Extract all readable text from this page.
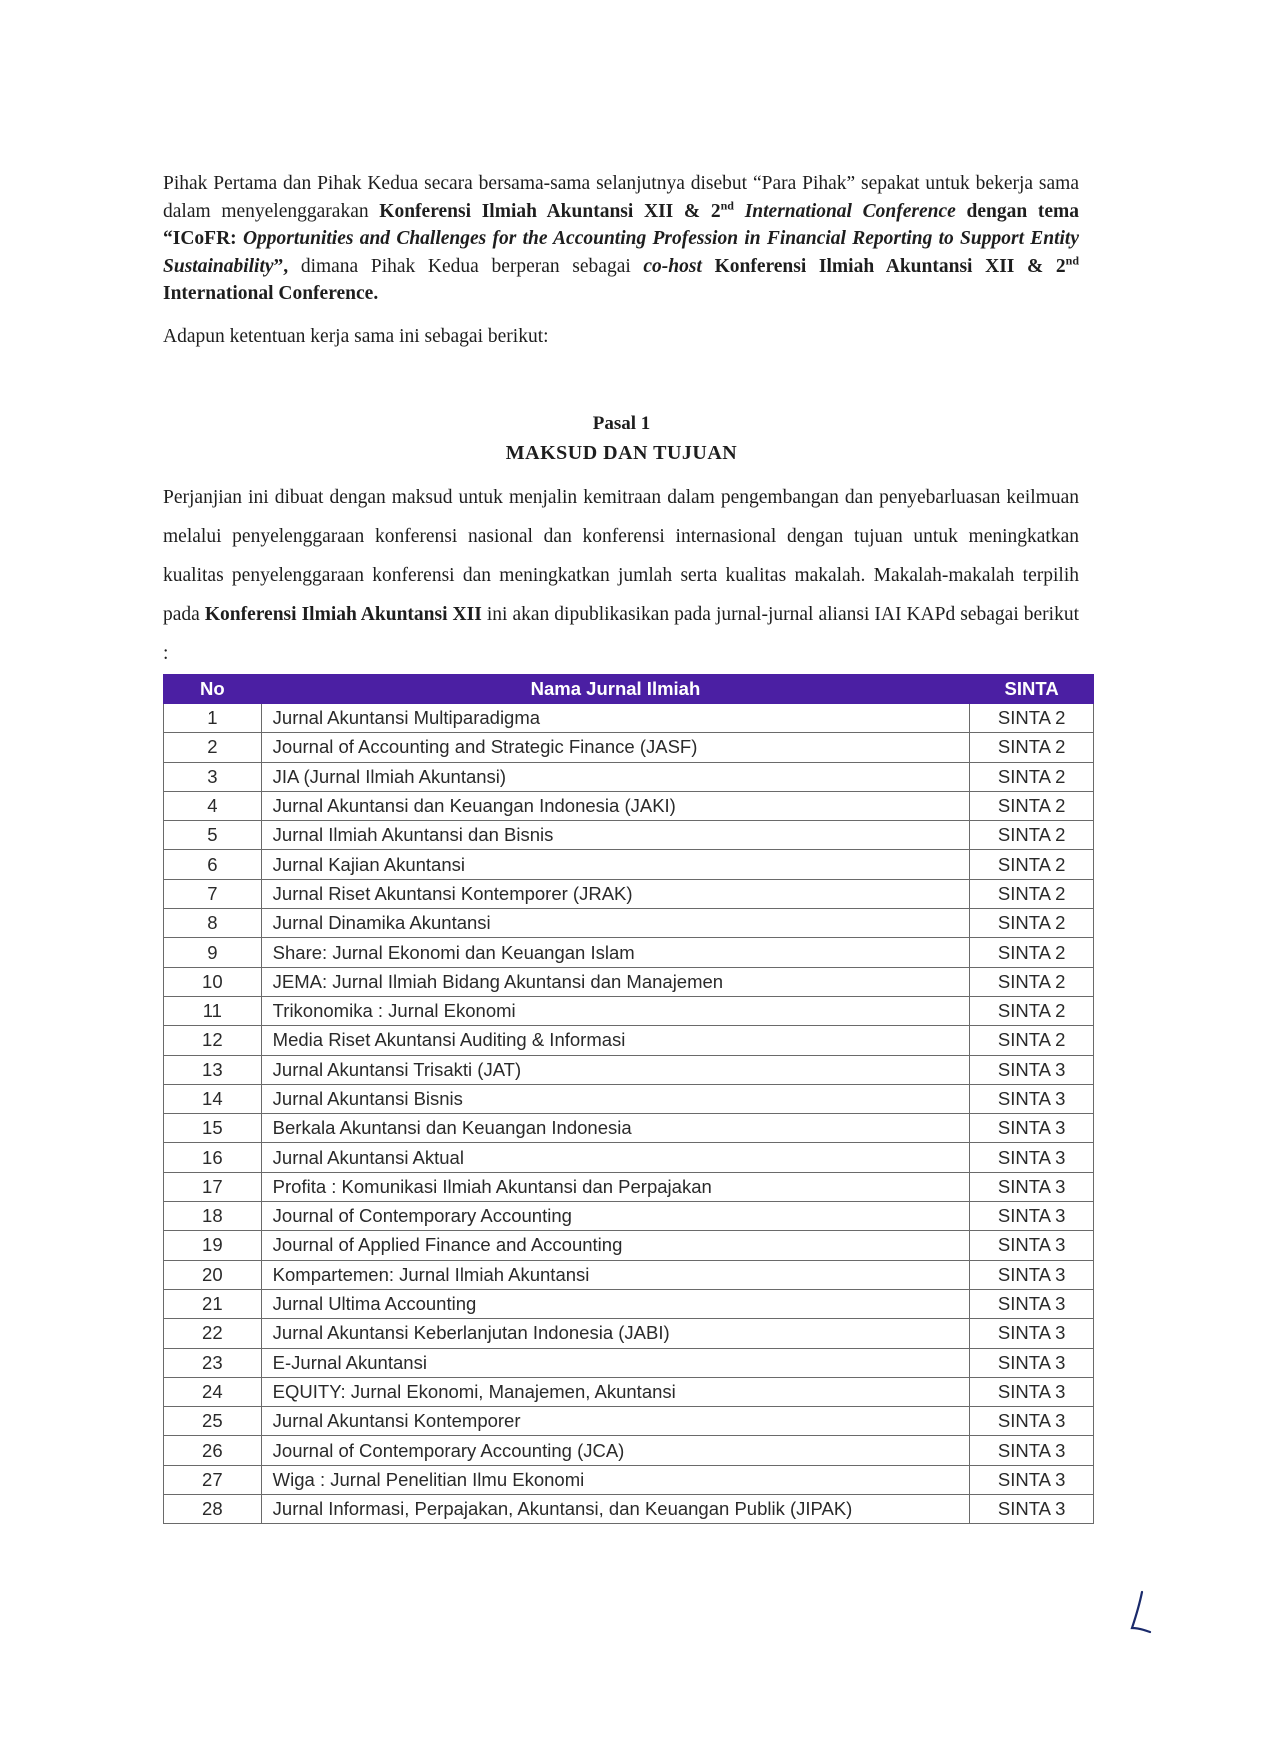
Pihak Pertama dan Pihak Kedua secara bersama-sama selanjutnya disebut “Para Pihak” sepakat untuk bekerja sama dalam menyelenggarakan Konferensi Ilmiah Akuntansi XII & 2nd International Conference dengan tema “ICoFR: Opportunities and Challenges for the Accounting Profession in Financial Reporting to Support Entity Sustainability”, dimana Pihak Kedua berperan sebagai co-host Konferensi Ilmiah Akuntansi XII & 2nd International Conference.

Adapun ketentuan kerja sama ini sebagai berikut:

Pasal 1

MAKSUD DAN TUJUAN

Perjanjian ini dibuat dengan maksud untuk menjalin kemitraan dalam pengembangan dan penyebarluasan keilmuan melalui penyelenggaraan konferensi nasional dan konferensi internasional dengan tujuan untuk meningkatkan kualitas penyelenggaraan konferensi dan meningkatkan jumlah serta kualitas makalah. Makalah-makalah terpilih pada Konferensi Ilmiah Akuntansi XII ini akan dipublikasikan pada jurnal-jurnal aliansi IAI KAPd sebagai berikut :

No	Nama Jurnal Ilmiah	SINTA
1	Jurnal Akuntansi Multiparadigma	SINTA 2
2	Journal of Accounting and Strategic Finance (JASF)	SINTA 2
3	JIA (Jurnal Ilmiah Akuntansi)	SINTA 2
4	Jurnal Akuntansi dan Keuangan Indonesia (JAKI)	SINTA 2
5	Jurnal Ilmiah Akuntansi dan Bisnis	SINTA 2
6	Jurnal Kajian Akuntansi	SINTA 2
7	Jurnal Riset Akuntansi Kontemporer (JRAK)	SINTA 2
8	Jurnal Dinamika Akuntansi	SINTA 2
9	Share: Jurnal Ekonomi dan Keuangan Islam	SINTA 2
10	JEMA: Jurnal Ilmiah Bidang Akuntansi dan Manajemen	SINTA 2
11	Trikonomika : Jurnal Ekonomi	SINTA 2
12	Media Riset Akuntansi Auditing & Informasi	SINTA 2
13	Jurnal Akuntansi Trisakti (JAT)	SINTA 3
14	Jurnal Akuntansi Bisnis	SINTA 3
15	Berkala Akuntansi dan Keuangan Indonesia	SINTA 3
16	Jurnal Akuntansi Aktual	SINTA 3
17	Profita : Komunikasi Ilmiah Akuntansi dan Perpajakan	SINTA 3
18	Journal of Contemporary Accounting	SINTA 3
19	Journal of Applied Finance and Accounting	SINTA 3
20	Kompartemen: Jurnal Ilmiah Akuntansi	SINTA 3
21	Jurnal Ultima Accounting	SINTA 3
22	Jurnal Akuntansi Keberlanjutan Indonesia (JABI)	SINTA 3
23	E-Jurnal Akuntansi	SINTA 3
24	EQUITY: Jurnal Ekonomi, Manajemen, Akuntansi	SINTA 3
25	Jurnal Akuntansi Kontemporer	SINTA 3
26	Journal of Contemporary Accounting (JCA)	SINTA 3
27	Wiga : Jurnal Penelitian Ilmu Ekonomi	SINTA 3
28	Jurnal Informasi, Perpajakan, Akuntansi, dan Keuangan Publik (JIPAK)	SINTA 3
